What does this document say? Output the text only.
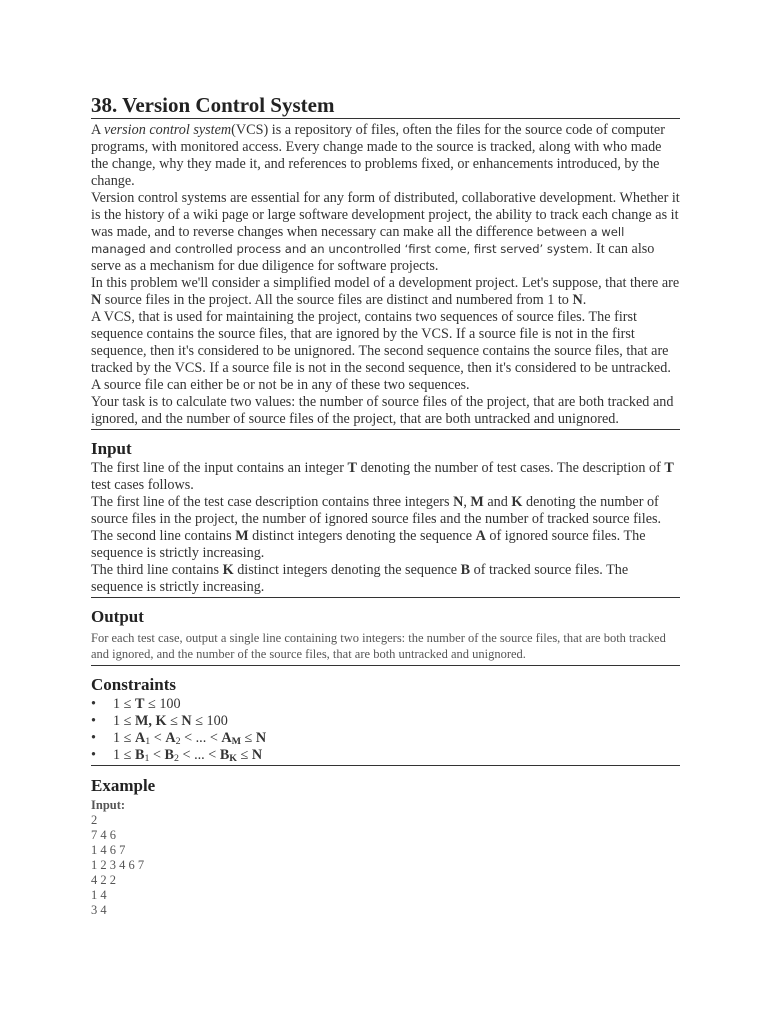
38. Version Control System

A version control system(VCS) is a repository of files, often the files for the source code of computer programs, with monitored access. Every change made to the source is tracked, along with who made the change, why they made it, and references to problems fixed, or enhancements introduced, by the change.

Version control systems are essential for any form of distributed, collaborative development. Whether it is the history of a wiki page or large software development project, the ability to track each change as it was made, and to reverse changes when necessary can make all the difference between a well managed and controlled process and an uncontrolled ‘first come, first served’ system. It can also serve as a mechanism for due diligence for software projects.

In this problem we'll consider a simplified model of a development project. Let's suppose, that there are N source files in the project. All the source files are distinct and numbered from 1 to N.

A VCS, that is used for maintaining the project, contains two sequences of source files. The first sequence contains the source files, that are ignored by the VCS. If a source file is not in the first sequence, then it's considered to be unignored. The second sequence contains the source files, that are tracked by the VCS. If a source file is not in the second sequence, then it's considered to be untracked. A source file can either be or not be in any of these two sequences.

Your task is to calculate two values: the number of source files of the project, that are both tracked and ignored, and the number of source files of the project, that are both untracked and unignored.

Input

The first line of the input contains an integer T denoting the number of test cases. The description of T test cases follows.

The first line of the test case description contains three integers N, M and K denoting the number of source files in the project, the number of ignored source files and the number of tracked source files.

The second line contains M distinct integers denoting the sequence A of ignored source files. The sequence is strictly increasing.

The third line contains K distinct integers denoting the sequence B of tracked source files. The sequence is strictly increasing.

Output
For each test case, output a single line containing two integers: the number of the source files, that are both tracked and ignored, and the number of the source files, that are both untracked and unignored.
Constraints
• 1 ≤ T ≤ 100
• 1 ≤ M, K ≤ N ≤ 100
• $1 \le A_1 < A_2$ < ... < $A_M \le N$
• $1 \le B_1 < B_2$ < ... < $B_K \le N$
Example
Input:
2
7 4 6
1 4 6 7
1 2 3 4 6 7
4 2 2
1 4
3 4
